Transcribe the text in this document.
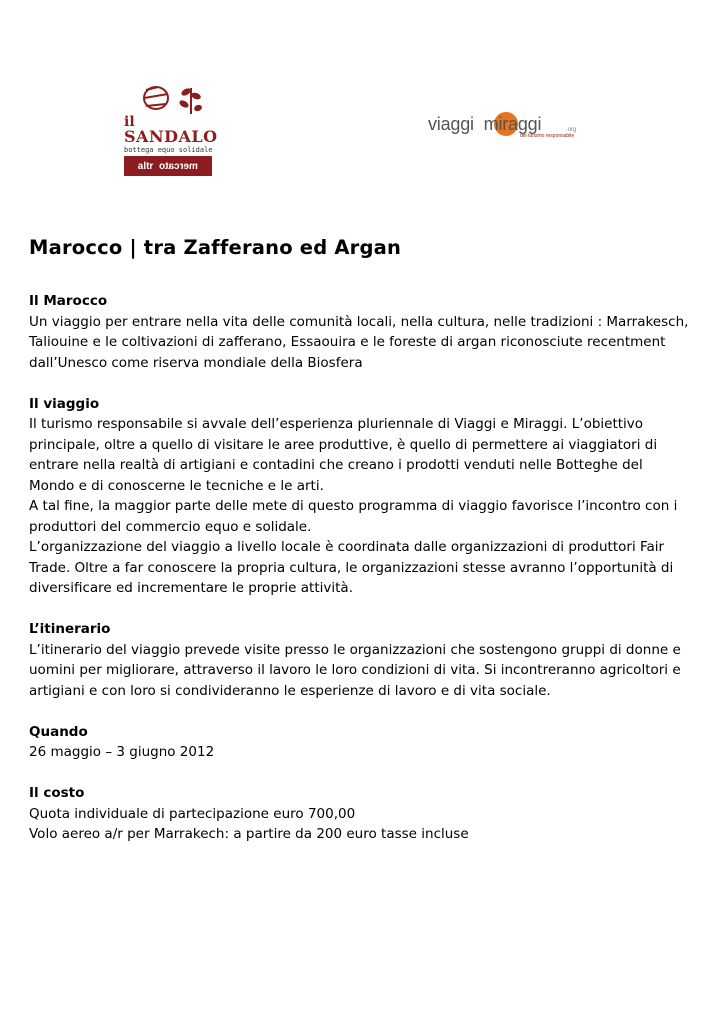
il
SANDALO
bottega equo solidale
altr mercato
viaggiemiraggi	.org
del turismo responsabile
Marocco | tra Zafferano ed Argan
Il Marocco
Un viaggio per entrare nella vita delle comunità locali, nella cultura, nelle tradizioni : Marrakesch,
Taliouine e le coltivazioni di zafferano, Essaouira e le foreste di argan riconosciute recentment
dall’Unesco come riserva mondiale della Biosfera
Il viaggio
Il turismo responsabile si avvale dell’esperienza pluriennale di Viaggi e Miraggi. L’obiettivo
principale, oltre a quello di visitare le aree produttive, è quello di permettere ai viaggiatori di
entrare nella realtà di artigiani e contadini che creano i prodotti venduti nelle Botteghe del
Mondo e di conoscerne le tecniche e le arti.
A tal fine, la maggior parte delle mete di questo programma di viaggio favorisce l’incontro con i
produttori del commercio equo e solidale.
L’organizzazione del viaggio a livello locale è coordinata dalle organizzazioni di produttori Fair
Trade. Oltre a far conoscere la propria cultura, le organizzazioni stesse avranno l’opportunità di
diversificare ed incrementare le proprie attività.
L’itinerario
L’itinerario del viaggio prevede visite presso le organizzazioni che sostengono gruppi di donne e
uomini per migliorare, attraverso il lavoro le loro condizioni di vita. Si incontreranno agricoltori e
artigiani e con loro si condivideranno le esperienze di lavoro e di vita sociale.
Quando
26 maggio – 3 giugno 2012
Il costo
Quota individuale di partecipazione euro 700,00
Volo aereo a/r per Marrakech: a partire da 200 euro tasse incluse
